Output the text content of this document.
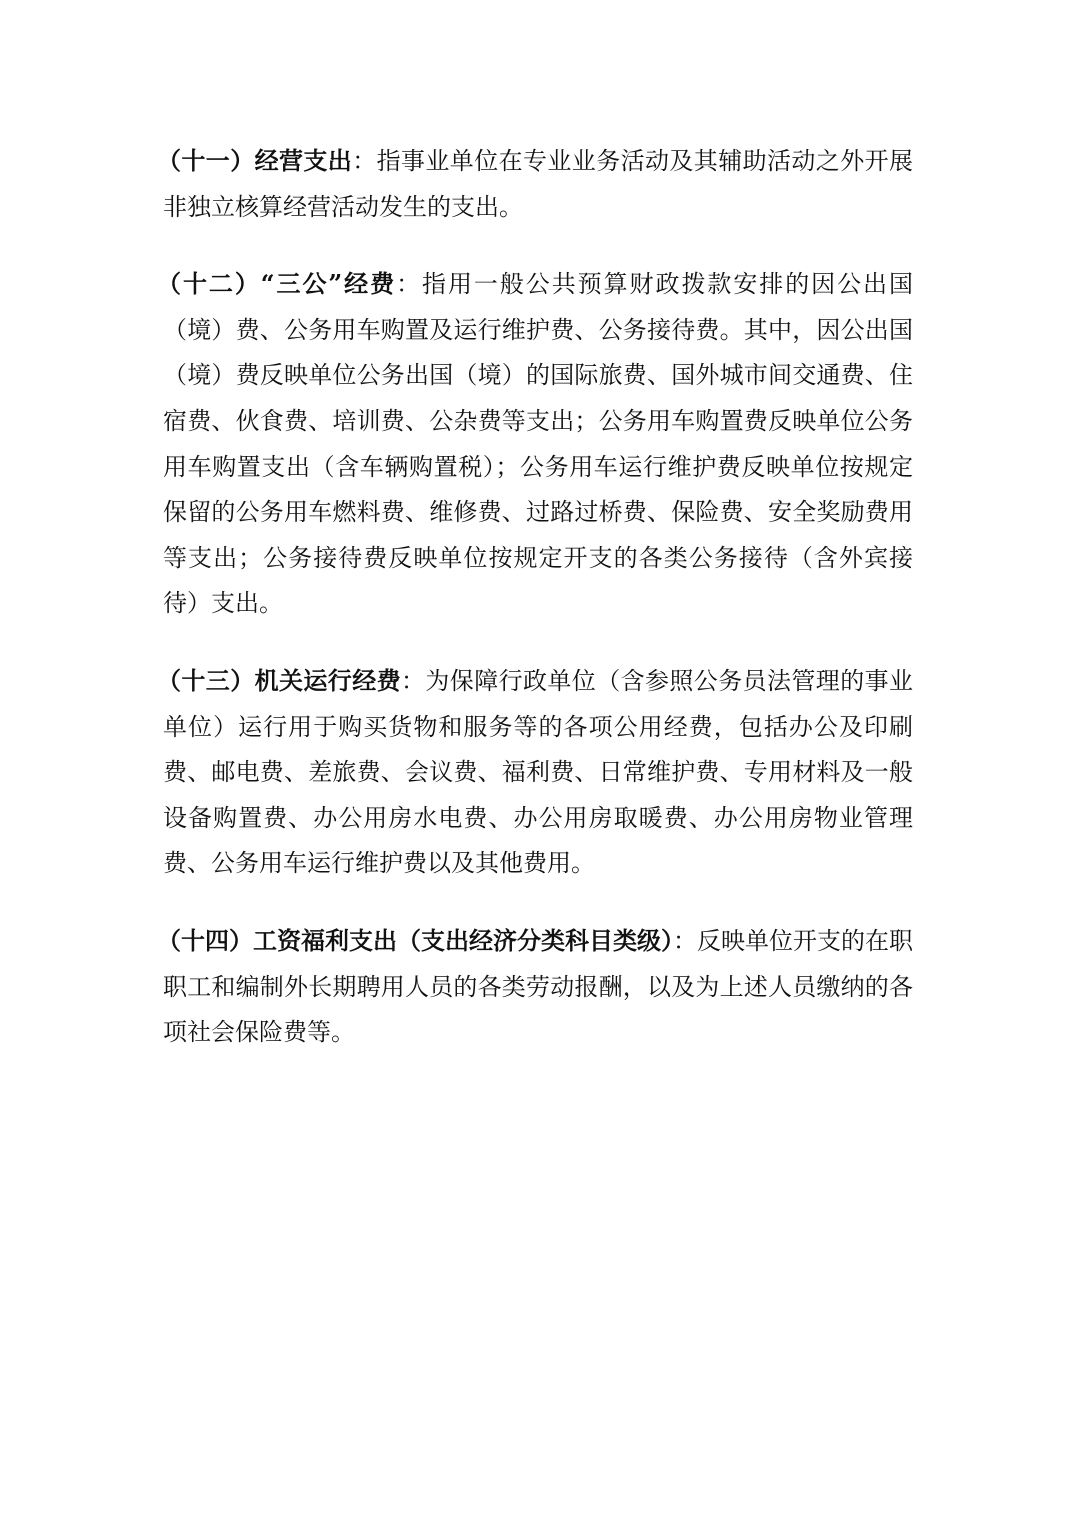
（十一）经营支出：指事业单位在专业业务活动及其辅助活动之外开展非独立核算经营活动发生的支出。

（十二）“三公”经费：指用一般公共预算财政拨款安排的因公出国（境）费、公务用车购置及运行维护费、公务接待费。其中，因公出国（境）费反映单位公务出国（境）的国际旅费、国外城市间交通费、住宿费、伙食费、培训费、公杂费等支出；公务用车购置费反映单位公务用车购置支出（含车辆购置税）；公务用车运行维护费反映单位按规定保留的公务用车燃料费、维修费、过路过桥费、保险费、安全奖励费用等支出；公务接待费反映单位按规定开支的各类公务接待（含外宾接待）支出。

（十三）机关运行经费：为保障行政单位（含参照公务员法管理的事业单位）运行用于购买货物和服务等的各项公用经费，包括办公及印刷费、邮电费、差旅费、会议费、福利费、日常维护费、专用材料及一般设备购置费、办公用房水电费、办公用房取暖费、办公用房物业管理费、公务用车运行维护费以及其他费用。

（十四）工资福利支出（支出经济分类科目类级）：反映单位开支的在职职工和编制外长期聘用人员的各类劳动报酬，以及为上述人员缴纳的各项社会保险费等。
